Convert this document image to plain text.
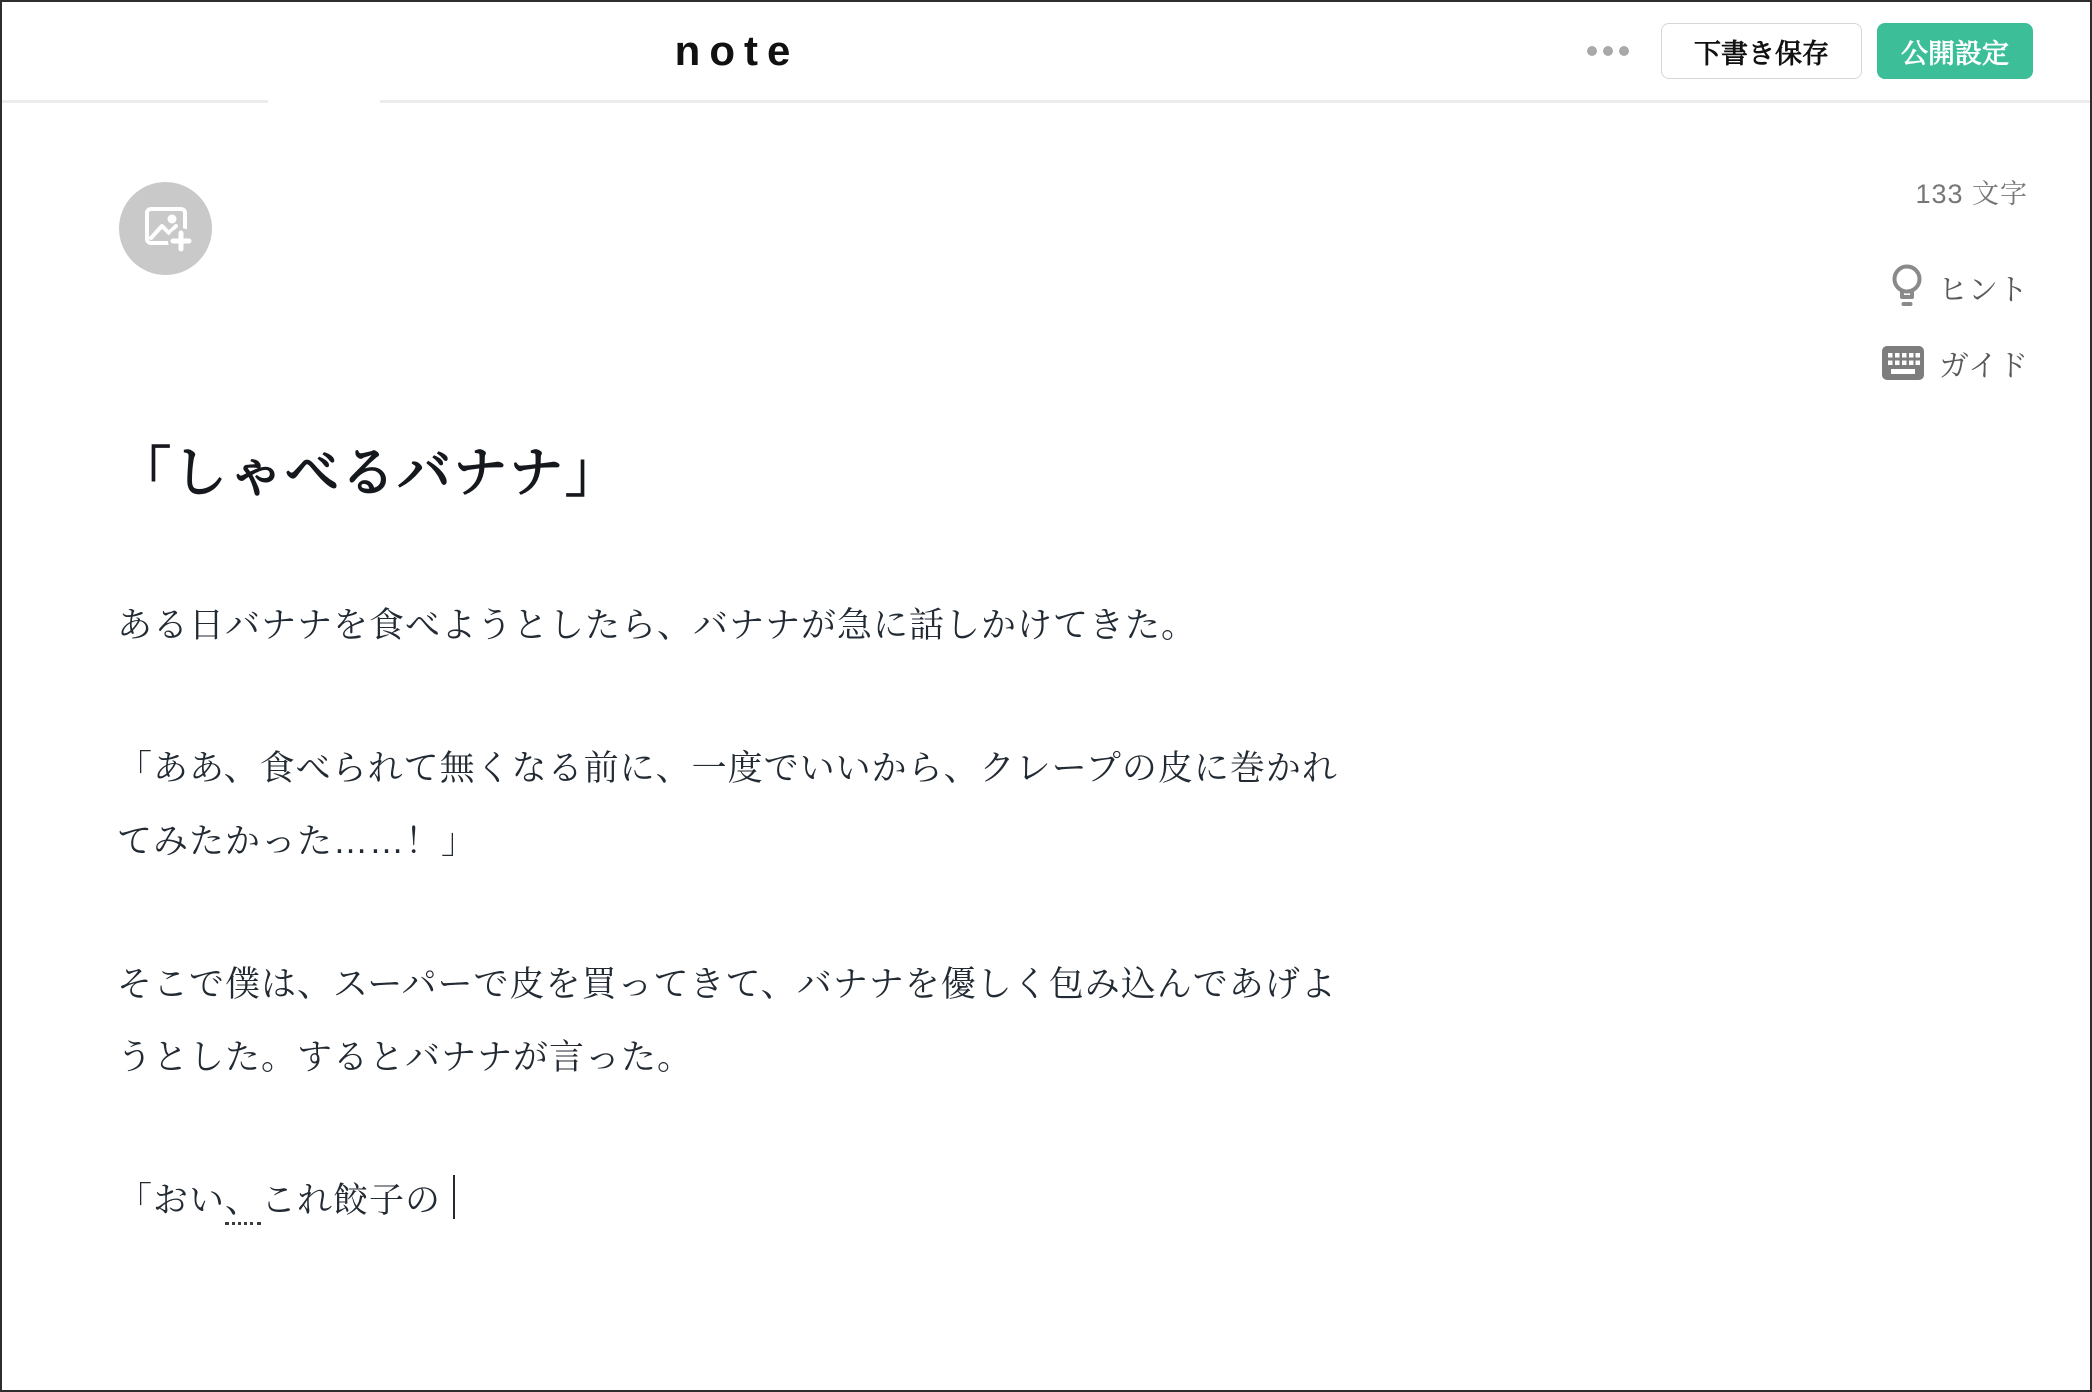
note	下書き保存	公開設定
133 文字
ヒント
ガイド
「しゃべるバナナ」

ある日バナナを食べようとしたら、バナナが急に話しかけてきた。

「ああ、食べられて無くなる前に、一度でいいから、クレープの皮に巻かれ
てみたかった……！」

そこで僕は、スーパーで皮を買ってきて、バナナを優しく包み込んであげよ
うとした。するとバナナが言った。

「おい、これ餃子の
